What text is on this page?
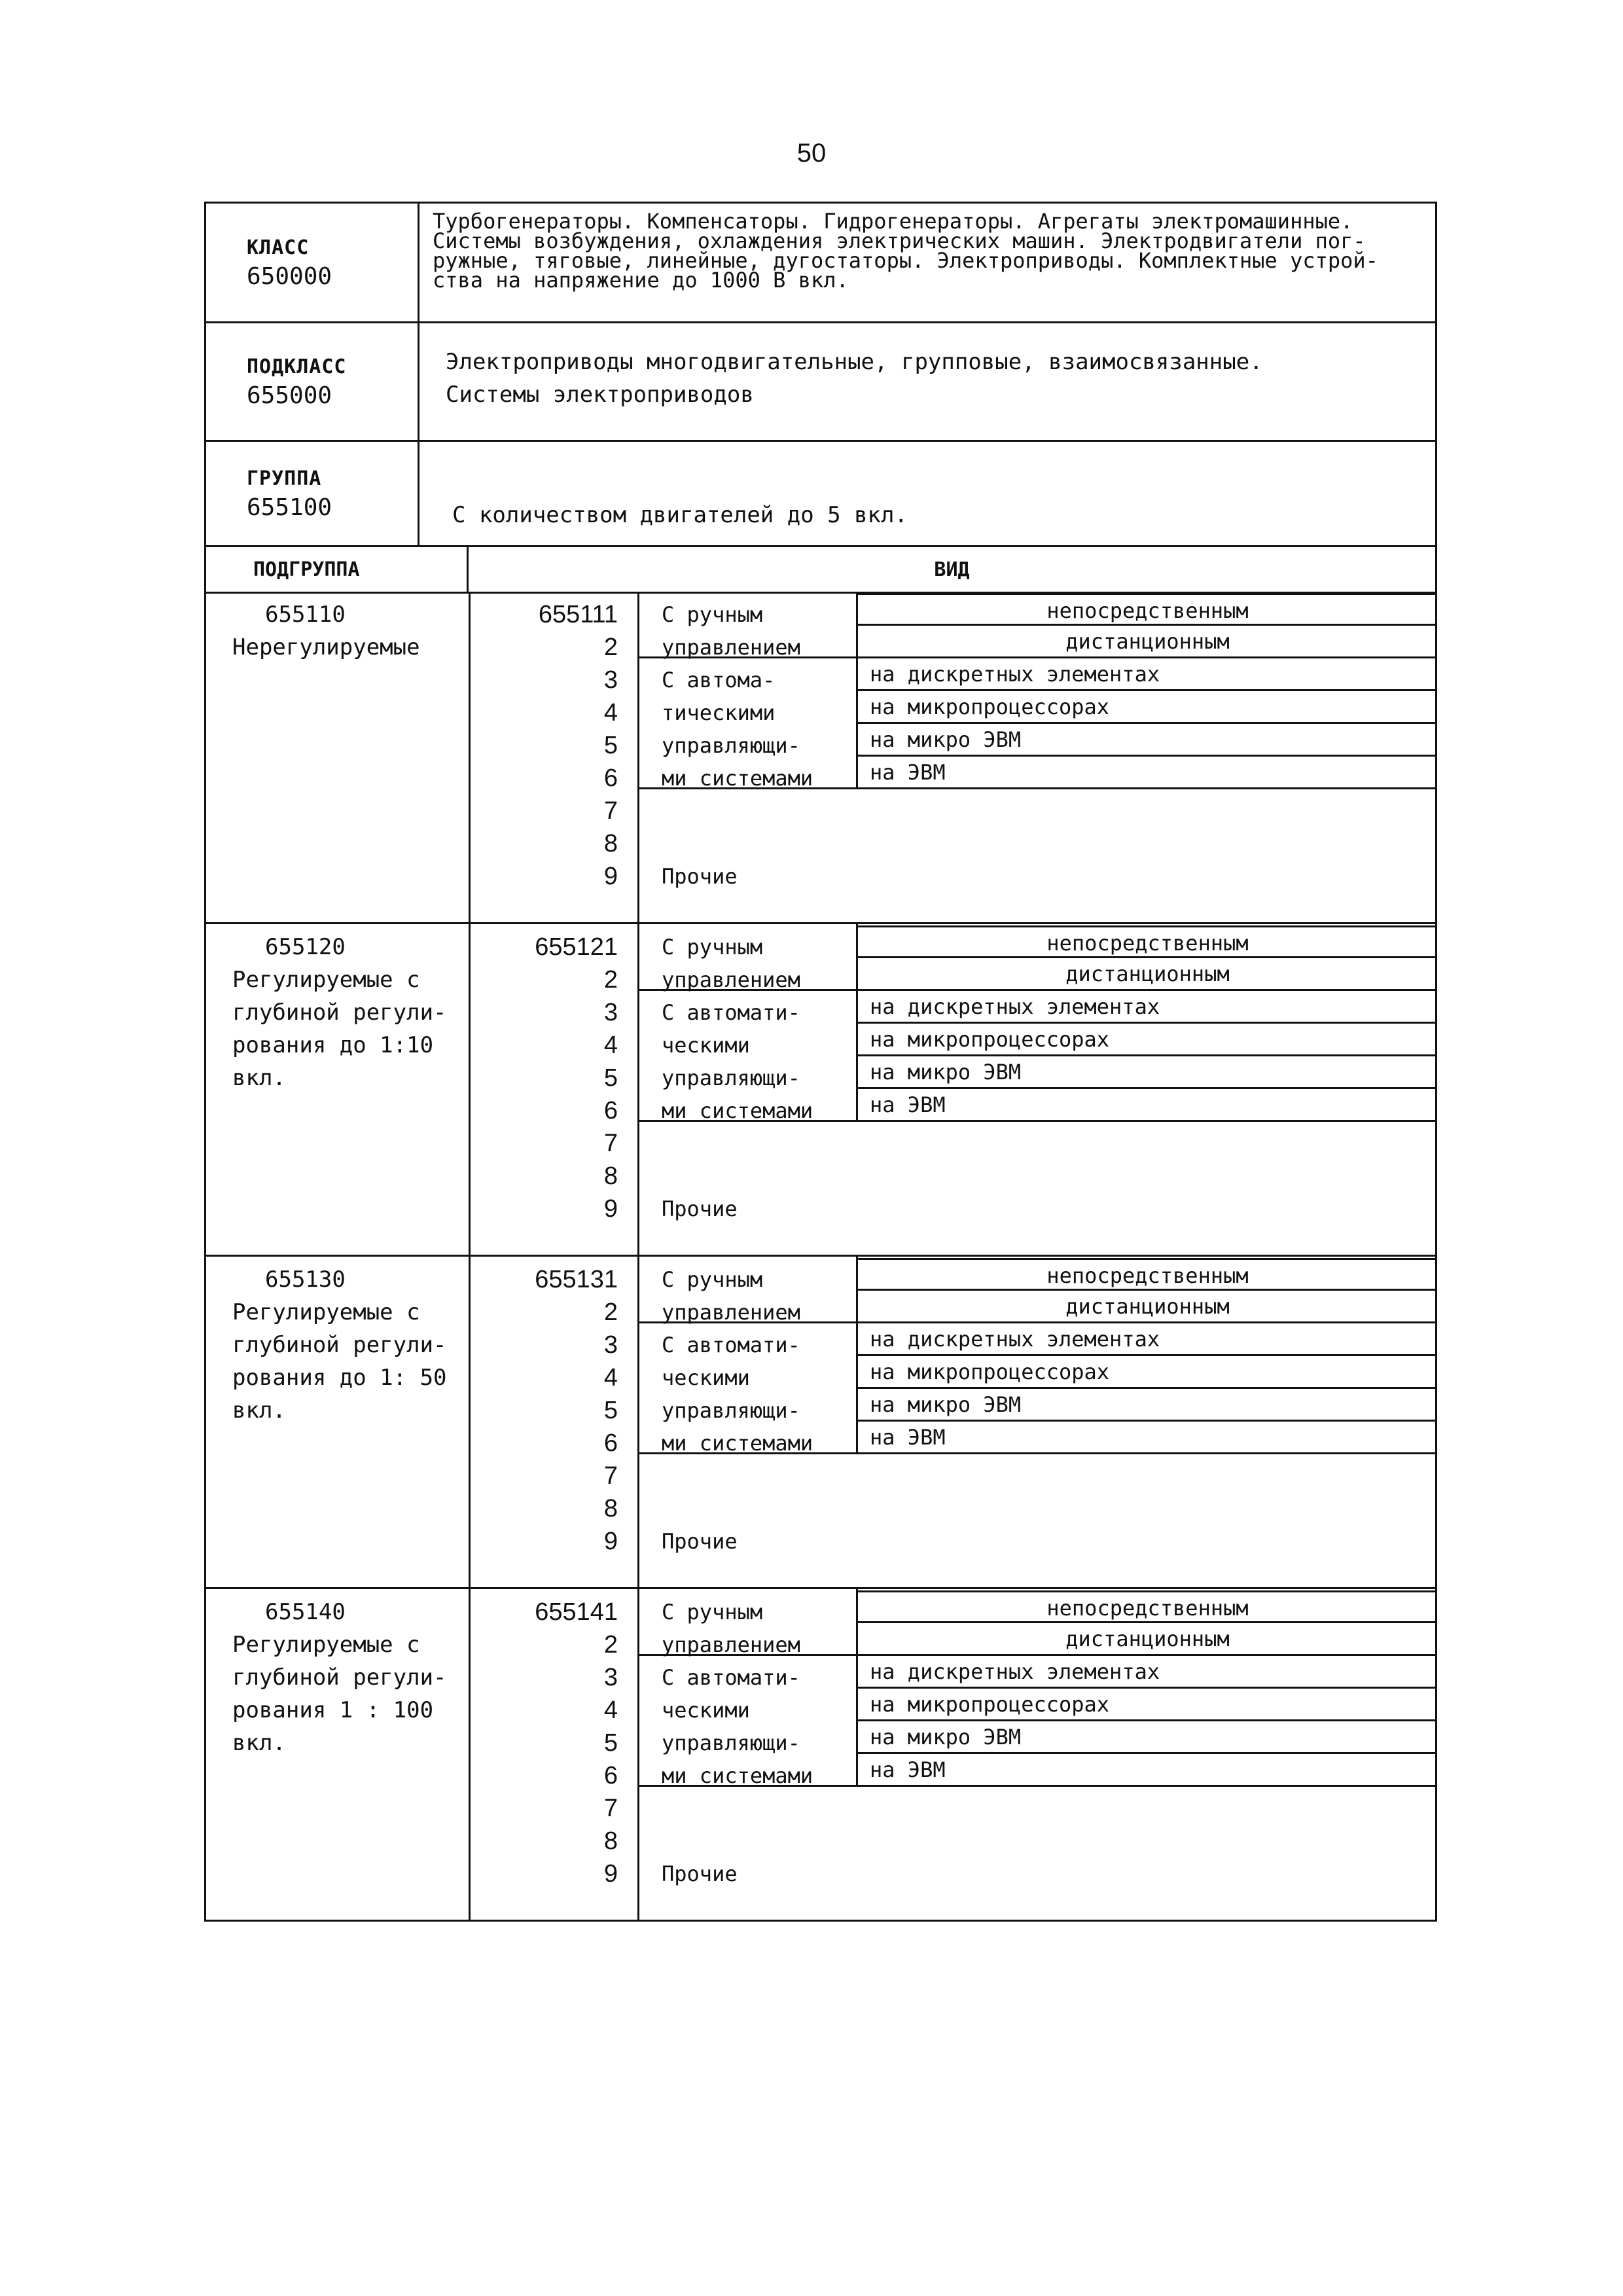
50
КЛАСС
650000
Турбогенераторы. Компенсаторы. Гидрогенераторы. Агрегаты электромашинные.
Системы возбуждения, охлаждения электрических машин. Электродвигатели пог-
ружные, тяговые, линейные, дугостаторы. Электроприводы. Комплектные устрой-
ства на напряжение до 1000 В вкл.
ПОДКЛАСС
655000
Электроприводы многодвигательные, групповые, взаимосвязанные.
Системы электроприводов
ГРУППА
655100	С количеством двигателей до 5 вкл.
ПОДГРУППА	ВИД
655110
Нерегулируемые
655111
2
3
4
5
6
7
8
9
С ручным
управлением
С автома-
тическими
управляющи-
ми системами
непосредственным
дистанционным
на дискретных элементах
на микропроцессорах
на микро ЭВМ
на ЭВМ
Прочие
655120
Регулируемые с
глубиной регули-
рования до 1:10
вкл.
655121
2
3
4
5
6
7
8
9
С ручным
управлением
С автомати-
ческими
управляющи-
ми системами
непосредственным
дистанционным
на дискретных элементах
на микропроцессорах
на микро ЭВМ
на ЭВМ
Прочие
655130
Регулируемые с
глубиной регули-
рования до 1: 50
вкл.
655131
2
3
4
5
6
7
8
9
С ручным
управлением
С автомати-
ческими
управляющи-
ми системами
непосредственным
дистанционным
на дискретных элементах
на микропроцессорах
на микро ЭВМ
на ЭВМ
Прочие
655140
Регулируемые с
глубиной регули-
рования 1 : 100
вкл.
655141
2
3
4
5
6
7
8
9
С ручным
управлением
С автомати-
ческими
управляющи-
ми системами
непосредственным
дистанционным
на дискретных элементах
на микропроцессорах
на микро ЭВМ
на ЭВМ
Прочие
